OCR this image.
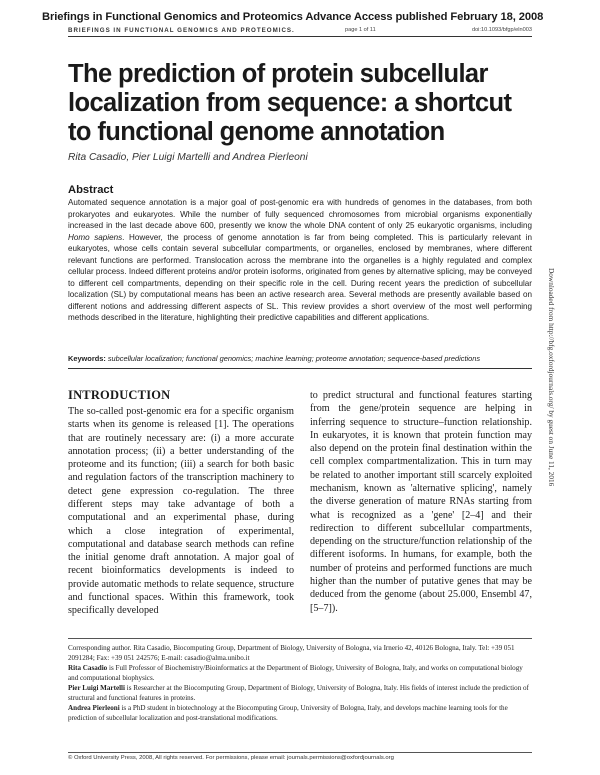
Briefings in Functional Genomics and Proteomics Advance Access published February 18, 2008
BRIEFINGS IN FUNCTIONAL GENOMICS AND PROTEOMICS.	page 1 of 11	doi:10.1093/bfgp/eln003
The prediction of protein subcellular localization from sequence: a shortcut to functional genome annotation
Rita Casadio, Pier Luigi Martelli and Andrea Pierleoni
Abstract
Automated sequence annotation is a major goal of post-genomic era with hundreds of genomes in the databases, from both prokaryotes and eukaryotes. While the number of fully sequenced chromosomes from microbial organisms exponentially increased in the last decade above 600, presently we know the whole DNA content of only 25 eukaryotic organisms, including Homo sapiens. However, the process of genome annotation is far from being completed. This is particularly relevant in eukaryotes, whose cells contain several subcellular compartments, or organelles, enclosed by membranes, where different relevant functions are performed. Translocation across the membrane into the organelles is a highly regulated and complex cellular process. Indeed different proteins and/or protein isoforms, originated from genes by alternative splicing, may be conveyed to different cell compartments, depending on their specific role in the cell. During recent years the prediction of subcellular localization (SL) by computational means has been an active research area. Several methods are presently available based on different notions and addressing different aspects of SL. This review provides a short overview of the most well performing methods described in the literature, highlighting their predictive capabilities and different applications.
Keywords: subcellular localization; functional genomics; machine learning; proteome annotation; sequence-based predictions
INTRODUCTION
The so-called post-genomic era for a specific organism starts when its genome is released [1]. The operations that are routinely necessary are: (i) a more accurate annotation process; (ii) a better understanding of the proteome and its function; (iii) a search for both basic and regulation factors of the transcription machinery to detect gene expression co-regulation. The three different steps may take advantage of both a computational and an experimental phase, during which a close integration of experimental, computational and database search methods can refine the initial genome draft annotation. A major goal of recent bioinformatics developments is indeed to provide automatic methods to relate sequence, structure and functional spaces. Within this framework, took specifically developed
to predict structural and functional features starting from the gene/protein sequence are helping in inferring sequence to structure–function relationship. In eukaryotes, it is known that protein function may also depend on the protein final destination within the cell complex compartmentalization. This in turn may be related to another important still scarcely exploited mechanism, known as 'alternative splicing', namely the diverse generation of mature RNAs starting from what is recognized as a 'gene' [2–4] and their redirection to different subcellular compartments, depending on the structure/function relationship of the different isoforms. In humans, for example, both the number of proteins and performed functions are much higher than the number of putative genes that may be deduced from the genome (about 25.000, Ensembl 47, [5–7]).

Corresponding author. Rita Casadio, Biocomputing Group, Department of Biology, University of Bologna, via Irnerio 42, 40126 Bologna, Italy. Tel: +39 051 2091284; Fax: +39 051 242576; E-mail: casadio@alma.unibo.it

Rita Casadio is Full Professor of Biochemistry/Bioinformatics at the Department of Biology, University of Bologna, Italy, and works on computational biology and computational biophysics.

Pier Luigi Martelli is Researcher at the Biocomputing Group, Department of Biology, University of Bologna, Italy. His fields of interest include the prediction of structural and functional features in proteins.

Andrea Pierleoni is a PhD student in biotechnology at the Biocomputing Group, University of Bologna, Italy, and develops machine learning tools for the prediction of subcellular localization and post-translational modifications.

© Oxford University Press, 2008, All rights reserved. For permissions, please email: journals.permissions@oxfordjournals.org
Downloaded from http://bfg.oxfordjournals.org/ by guest on June 11, 2016
